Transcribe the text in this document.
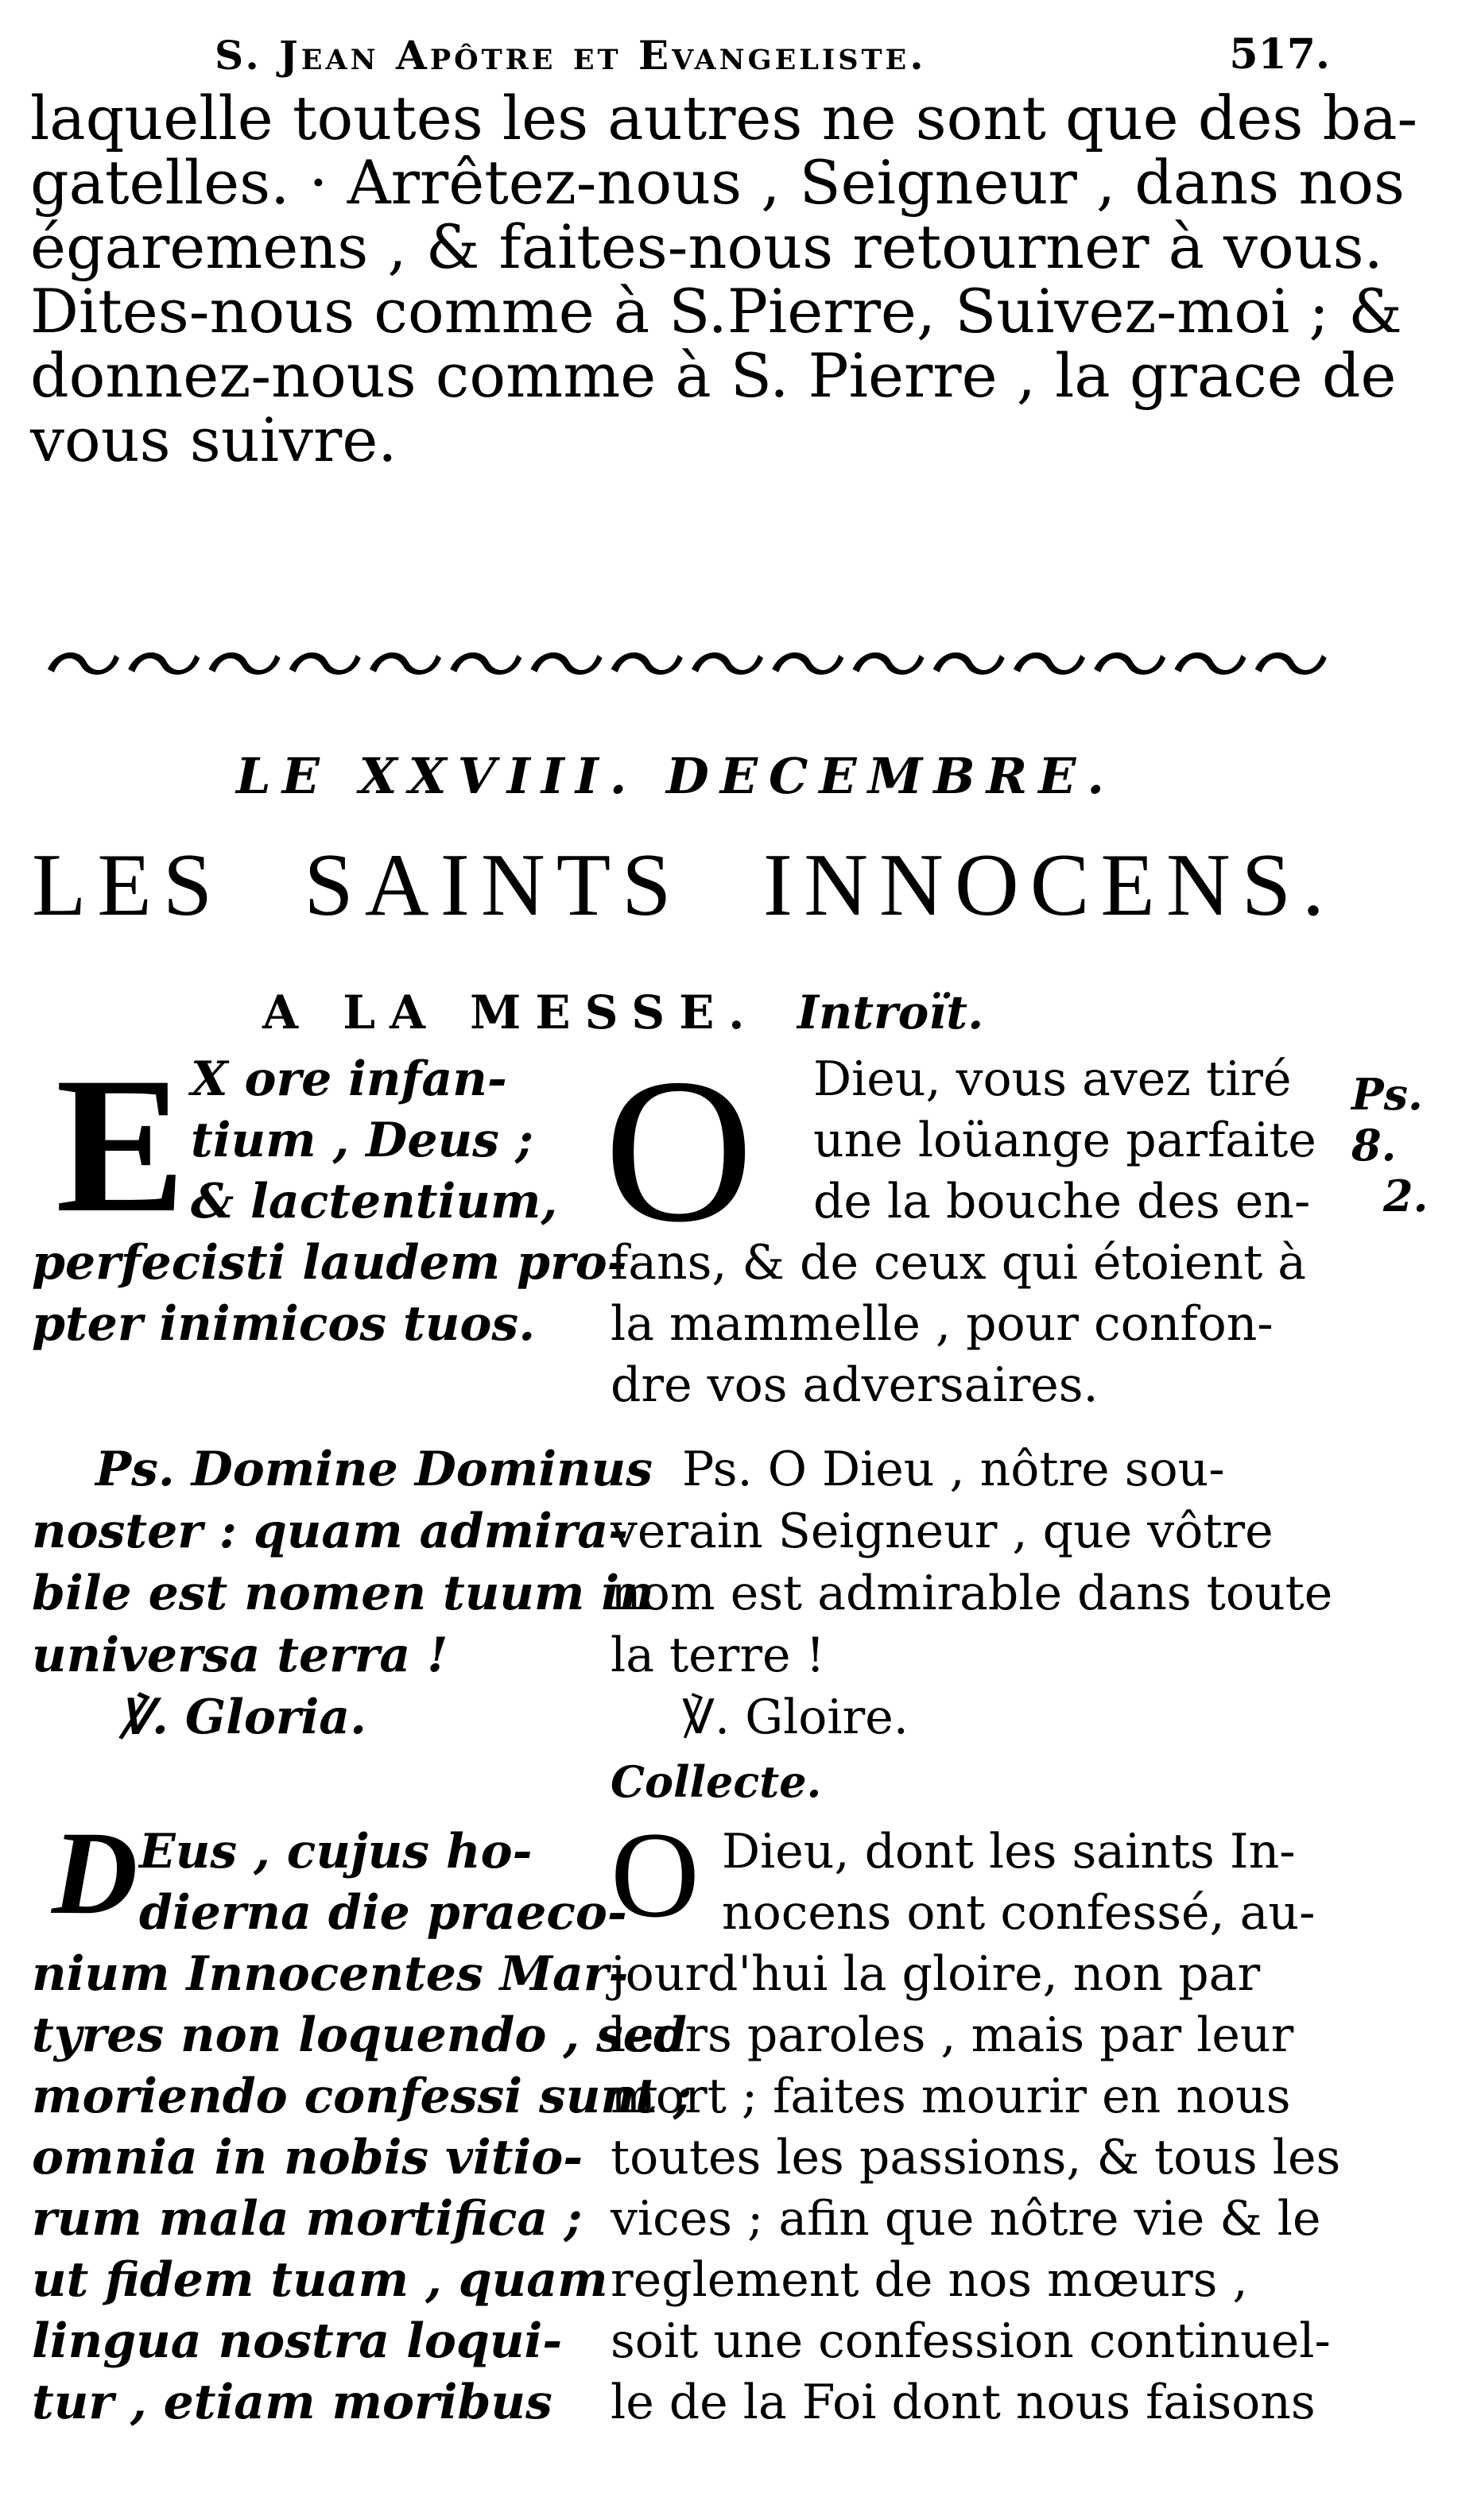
S. Jean Apôtre et Evangeliste.	517.
laquelle toutes les autres ne sont que des ba-
gatelles. · Arrêtez-nous , Seigneur , dans nos
égaremens , & faites-nous retourner à vous.
Dites-nous comme à S.Pierre, Suivez-moi ; &
donnez-nous comme à S. Pierre , la grace de
vous suivre.
LE XXVIII. DECEMBRE.
LES SAINTS INNOCENS.
A LA MESSE. Introït.
Ps. 8.
2.
E X ore infan-
tium , Deus ;
& lactentium,
perfecisti laudem pro-
pter inimicos tuos.
O	Dieu, vous avez tiré
une loüange parfaite
de la bouche des en-
fans, & de ceux qui étoient à
la mammelle , pour confon-
dre vos adversaires.
Ps. Domine Dominus
noster : quam admira-
bile est nomen tuum in
universa terra !
℣. Gloria.
Ps. O Dieu , nôtre sou-
verain Seigneur , que vôtre
nom est admirable dans toute
la terre !
℣. Gloire.
Collecte.
D Eus , cujus ho-
dierna die praeco-
nium Innocentes Mar-
tyres non loquendo , sed
moriendo confessi sunt ;
omnia in nobis vitio-
rum mala mortifica ;
ut fidem tuam , quam
lingua nostra loqui-
tur , etiam moribus
O Dieu, dont les saints In-
nocens ont confessé, au-
jourd'hui la gloire, non par
leurs paroles , mais par leur
mort ; faites mourir en nous
toutes les passions, & tous les
vices ; afin que nôtre vie & le
reglement de nos mœurs ,
soit une confession continuel-
le de la Foi dont nous faisons
